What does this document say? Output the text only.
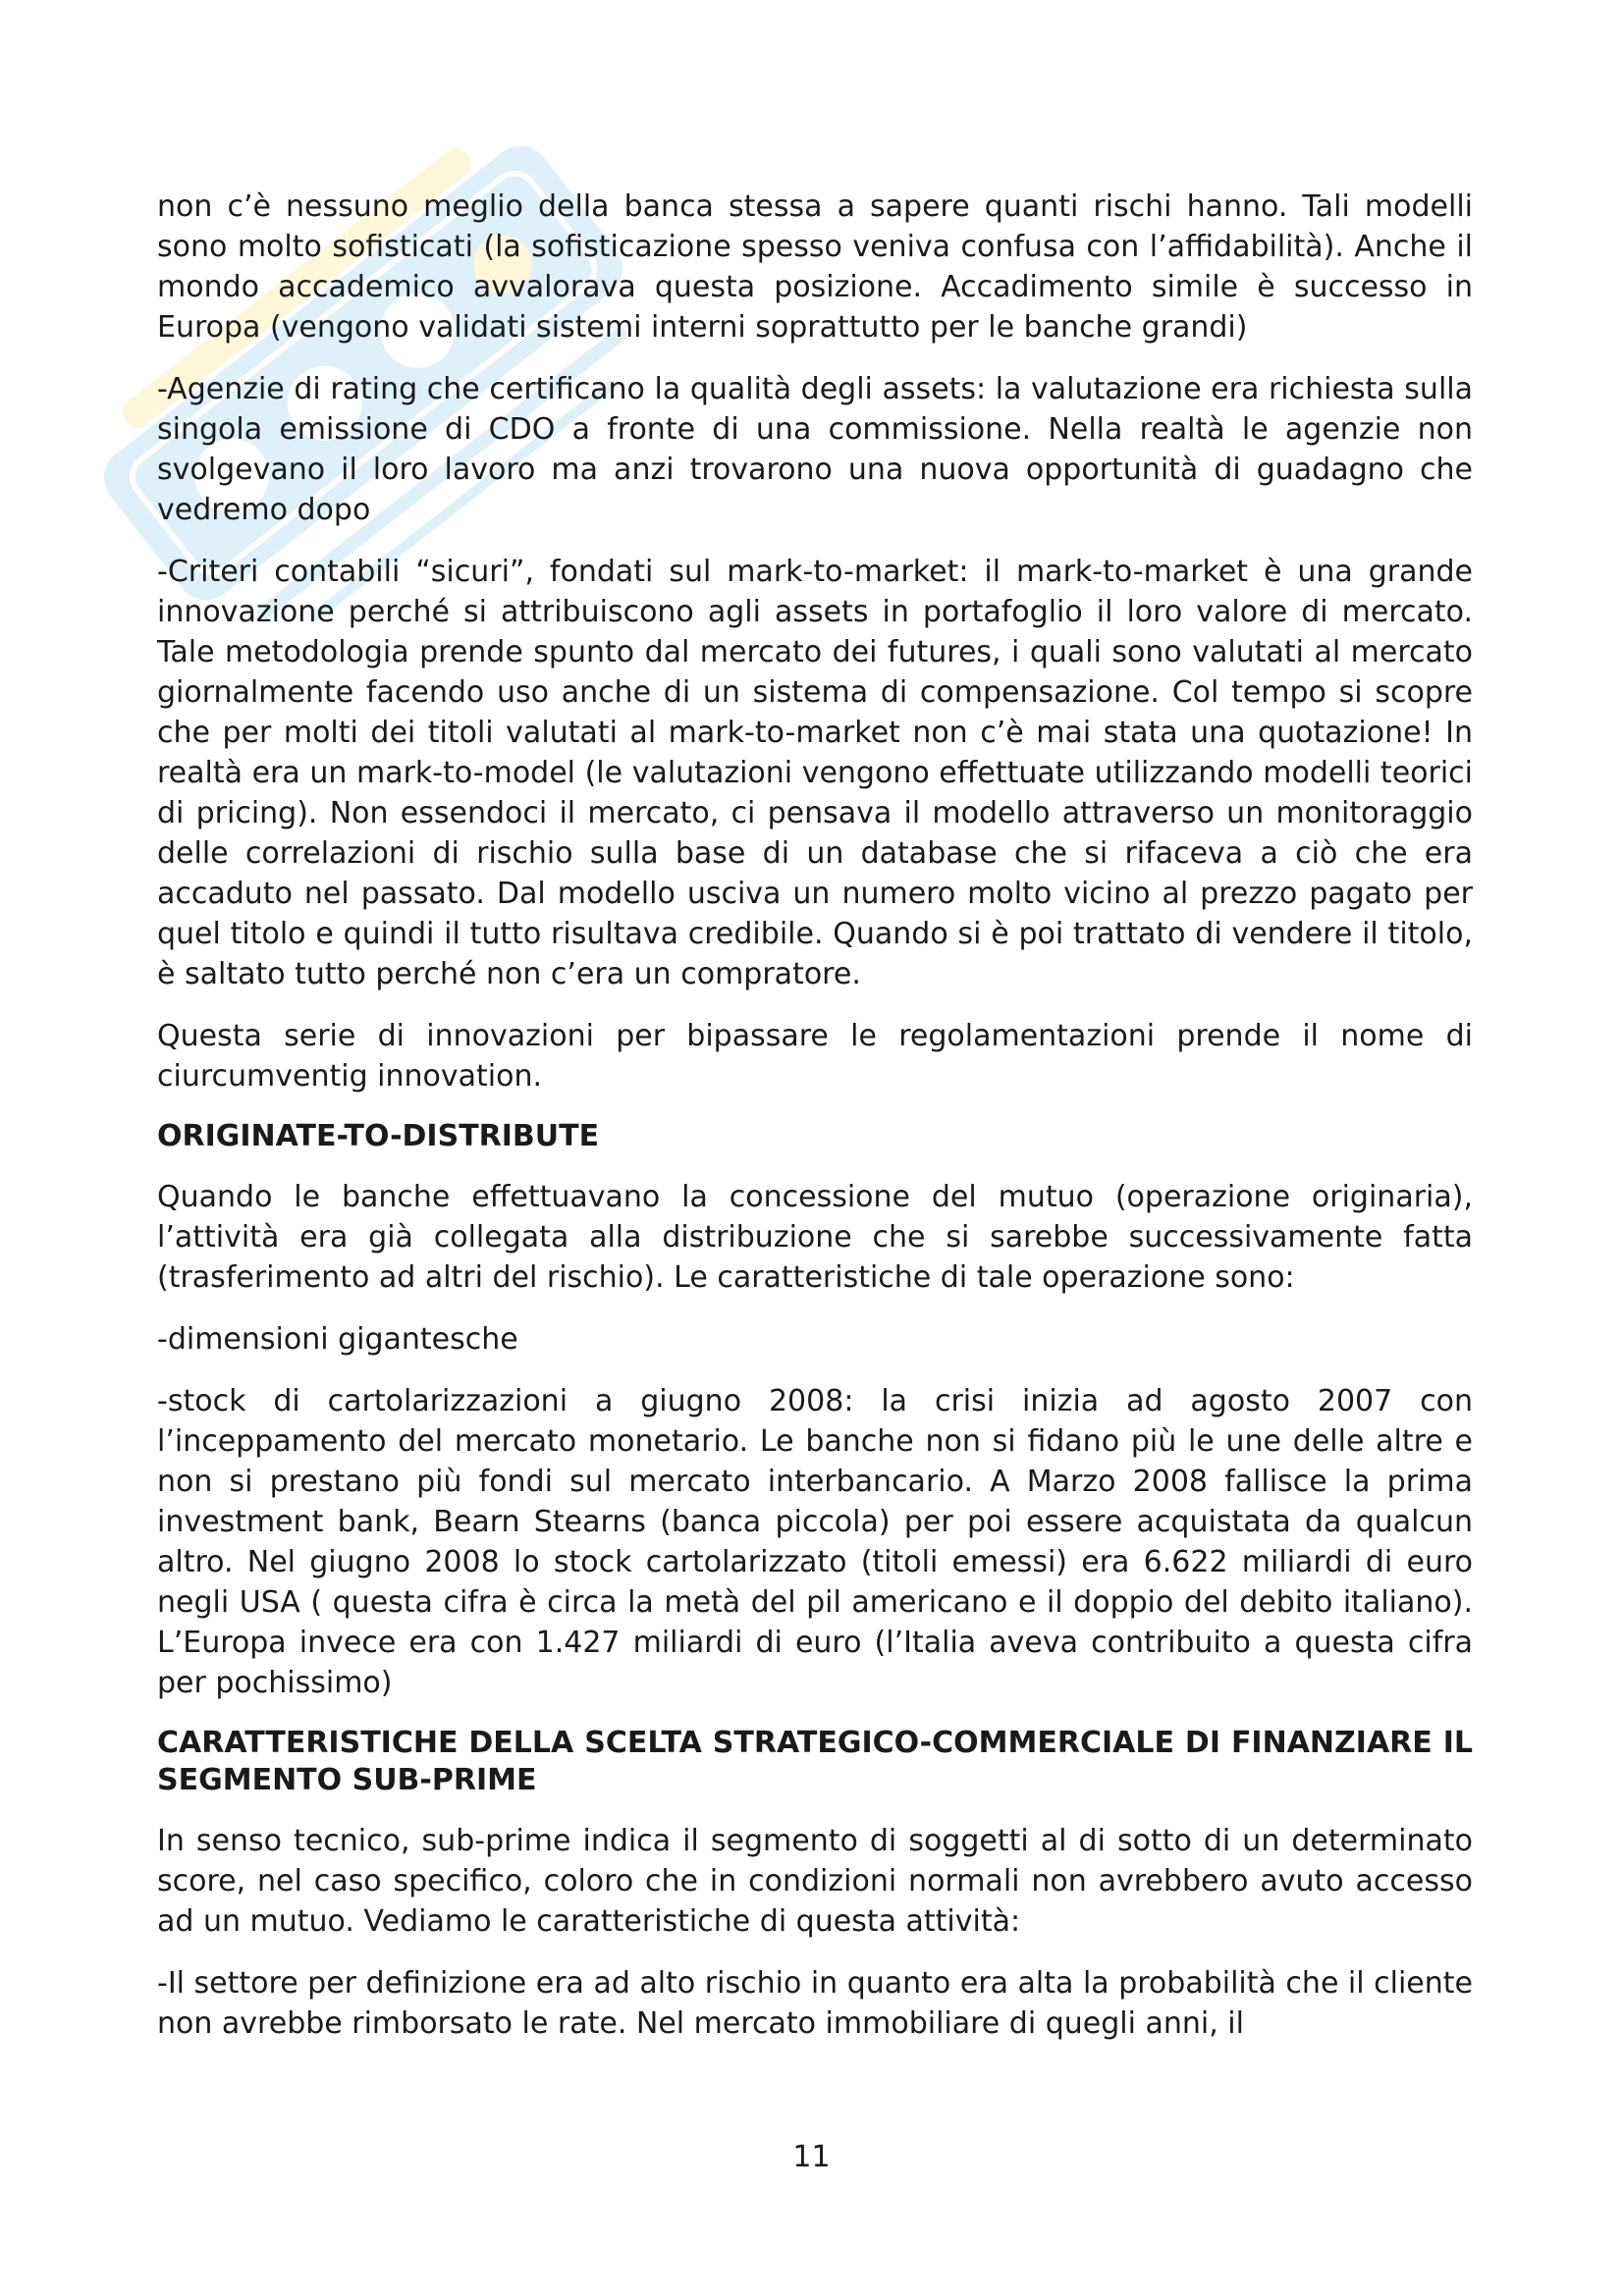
non c’è nessuno meglio della banca stessa a sapere quanti rischi hanno. Tali modelli sono molto sofisticati (la sofisticazione spesso veniva confusa con l’affidabilità). Anche il mondo accademico avvalorava questa posizione. Accadimento simile è successo in Europa (vengono validati sistemi interni soprattutto per le banche grandi)

-Agenzie di rating che certificano la qualità degli assets: la valutazione era richiesta sulla singola emissione di CDO a fronte di una commissione. Nella realtà le agenzie non svolgevano il loro lavoro ma anzi trovarono una nuova opportunità di guadagno che vedremo dopo

-Criteri contabili “sicuri”, fondati sul mark-to-market: il mark-to-market è una grande innovazione perché si attribuiscono agli assets in portafoglio il loro valore di mercato. Tale metodologia prende spunto dal mercato dei futures, i quali sono valutati al mercato giornalmente facendo uso anche di un sistema di compensazione. Col tempo si scopre che per molti dei titoli valutati al mark-to-market non c’è mai stata una quotazione! In realtà era un mark-to-model (le valutazioni vengono effettuate utilizzando modelli teorici di pricing). Non essendoci il mercato, ci pensava il modello attraverso un monitoraggio delle correlazioni di rischio sulla base di un database che si rifaceva a ciò che era accaduto nel passato. Dal modello usciva un numero molto vicino al prezzo pagato per quel titolo e quindi il tutto risultava credibile. Quando si è poi trattato di vendere il titolo, è saltato tutto perché non c’era un compratore.

Questa serie di innovazioni per bipassare le regolamentazioni prende il nome di ciurcumventig innovation.

ORIGINATE-TO-DISTRIBUTE

Quando le banche effettuavano la concessione del mutuo (operazione originaria), l’attività era già collegata alla distribuzione che si sarebbe successivamente fatta (trasferimento ad altri del rischio). Le caratteristiche di tale operazione sono:

-dimensioni gigantesche

-stock di cartolarizzazioni a giugno 2008: la crisi inizia ad agosto 2007 con l’inceppamento del mercato monetario. Le banche non si fidano più le une delle altre e non si prestano più fondi sul mercato interbancario. A Marzo 2008 fallisce la prima investment bank, Bearn Stearns (banca piccola) per poi essere acquistata da qualcun altro. Nel giugno 2008 lo stock cartolarizzato (titoli emessi) era 6.622 miliardi di euro negli USA ( questa cifra è circa la metà del pil americano e il doppio del debito italiano). L’Europa invece era con 1.427 miliardi di euro (l’Italia aveva contribuito a questa cifra per pochissimo)

CARATTERISTICHE DELLA SCELTA STRATEGICO-COMMERCIALE DI FINANZIARE IL SEGMENTO SUB-PRIME

In senso tecnico, sub-prime indica il segmento di soggetti al di sotto di un determinato score, nel caso specifico, coloro che in condizioni normali non avrebbero avuto accesso ad un mutuo. Vediamo le caratteristiche di questa attività:

-Il settore per definizione era ad alto rischio in quanto era alta la probabilità che il cliente non avrebbe rimborsato le rate. Nel mercato immobiliare di quegli anni, il

11
